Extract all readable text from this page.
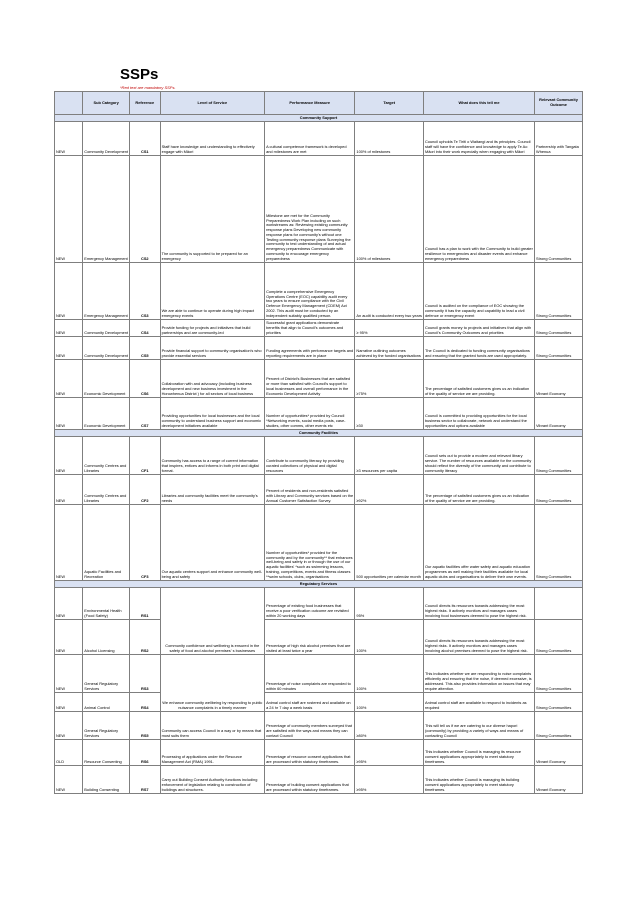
SSPs
*Red text are mandatory SSPs.
	Sub Category	Reference	Level of Service	Performance Measure	Target	What does this tell me	Relevant Community Outcome
Community Support							
NEW	Community Development	CS1	Staff have knowledge and understanding to effectively engage with Māori	A cultural competence framework is developed and milestones are met	100% of milestones	Council upholds Te Tiriti o Waitangi and its principles. Council staff will have the confidence and knowledge to apply Te Ao Māori into their work especially when engaging with Māori	Partnership with Tangata Whenua
NEW	Emergency Management	CS2	The community is supported to be prepared for an emergency	Milestone are met for the Community Preparedness Work Plan including on such workstreams as: Reviewing existing community response plans Developing new community response plans for community's without one Testing community response plans Surveying the community to test understanding of and actual emergency preparedness Communicate with community to encourage emergency preparedness	100% of milestones	Council has a plan to work with the Community to build greater resilience to emergencies and disaster events and enhance emergency preparedness	Strong Communities
NEW	Emergency Management	CS3	We are able to continue to operate during high impact emergency events	Complete a comprehensive Emergency Operations Centre (EOC) capability audit every two years to ensure compliance with the Civil Defence Emergency Management (CDEM) Act 2002. This audit must be conducted by an independent suitably qualified person.	An audit is conducted every two years	Council is audited on the compliance of EOC showing the community it has the capacity and capability to lead a civil defence or emergency event	Strong Communities
NEW	Community Development	CS4	Provide funding for projects and initiatives that build partnerships and are community-led	Successful grant applications demonstrate benefits that align to Council's outcomes and priorities	≥ 95%	Council grants money to projects and initiatives that align with Council's Community Outcomes and priorities	Strong Communities
NEW	Community Development	CS5	Provide financial support to community organisation's who provide essential services	Funding agreements with performance targets and reporting requirements are in place	Narrative outlining outcomes achieved by the funded organisations	The Council is dedicated to funding community organisations and ensuring that the granted funds are used appropriately.	Strong Communities
NEW	Economic Development	CS6	Collaboration with and advocacy (including business development and new business investment in the Horowhenua District ) for all sectors of local business	Percent of District's Businesses that are satisfied or more than satisfied with Council's support to local businesses and overall performance in the Economic Development Activity	≥75%	The percentage of satisfied customers gives us an indication of the quality of service we are providing.	Vibrant Economy
NEW	Economic Development	CS7	Providing opportunities for local businesses and the local community to understand business support and economic development initiatives available	Number of opportunities* provided by Council *Networking events, social media posts, case-studies, other comms, other events etc	≥30	Council is committed to providing opportunities for the local business sector to collaborate, network and understand the opportunities and options available	Vibrant Economy
Community Facilities							
NEW	Community Centres and Libraries	CF1	Community has access to a range of current information that inspires, entices and informs in both print and digital format.	Contribute to community literacy by providing curated collections of physical and digital resources	≥3 resources per capita	Council sets out to provide a modern and relevant library service. The number of resources available for the community should reflect the diversity of the community and contribute to community literacy	Strong Communities
NEW	Community Centres and Libraries	CF2	Libraries and community facilities meet the community's needs	Percent of residents and non-residents satisfied with Library and Community services based on the Annual Customer Satisfaction Survey.	≥92%	The percentage of satisfied customers gives us an indication of the quality of service we are providing.	Strong Communities
NEW	Aquatic Facilities and Recreation	CF3	Our aquatic centres support and enhance community well-being and safety	Number of opportunities* provided for the community and by the community** that enhances well-being and safety in or through the use of our aquatic facilities' *such as swimming lessons, training, competitions, events and fitness classes **swim schools, clubs, organisations	500 opportunities per calendar month	Our aquatic facilities offer water safety and aquatic education programmes as well making their facilities available for local aquatic clubs and organisations to deliver their own events.	Strong Communities
Regulatory Services							
NEW	Environmental Health (Food Safety)	RS1	Community confidence and wellbeing is ensured in the safety of food and alcohol premises' s businesses	Percentage of existing food businesses that receive a poor verification outcome are revisited within 20 working days	95%	Council directs its resources towards addressing the most highest risks. It actively monitors and manages cases involving food businesses deemed to pose the highest risk.	
NEW	Alcohol Licensing	RS2		Percentage of high risk alcohol premises that are visited at least twice a year	100%	Council directs its resources towards addressing the most highest risks. It actively monitors and manages cases involving alcohol premises deemed to pose the highest risk.	Strong Communities
NEW	General Regulatory Services	RS3	We enhance community wellbeing by responding to public nuisance complaints in a timely manner	Percentage of noise complaints are responded to within 60 minutes	100%	This indicates whether we are responding to noise complaints efficiently and ensuring that the noise, if deemed excessive, is addressed. This also provides information on issues that may require attention.	Strong Communities
NEW	Animal Control	RS4		Animal control staff are rostered and available on a 24 hr 7 day a week basis	100%	Animal control staff are available to respond to incidents as required	Strong Communities
NEW	General Regulatory Services	RS5	Community can access Council in a way or by means that most suits them	Percentage of community members surveyed that are satisfied with the ways and means they can contact Council	≥80%	This will tell us if we are catering to our diverse hapori (community) by providing a variety of ways and means of contacting Council	Strong Communities
OLD	Resource Consenting	RS6	Processing of applications under the Resource Management Act (RMA) 1991.	Percentage of resource consent applications that are processed within statutory timeframes.	≥95%	This indicates whether Council is managing its resource consent applications appropriately to meet statutory timeframes.	Vibrant Economy
NEW	Building Consenting	RS7	Carry out Building Consent Authority functions including enforcement of legislation relating to construction of buildings and structures.	Percentage of building consent applications that are processed within statutory timeframes.	≥95%	This indicates whether Council is managing its building consent applications appropriately to meet statutory timeframes.	Vibrant Economy
